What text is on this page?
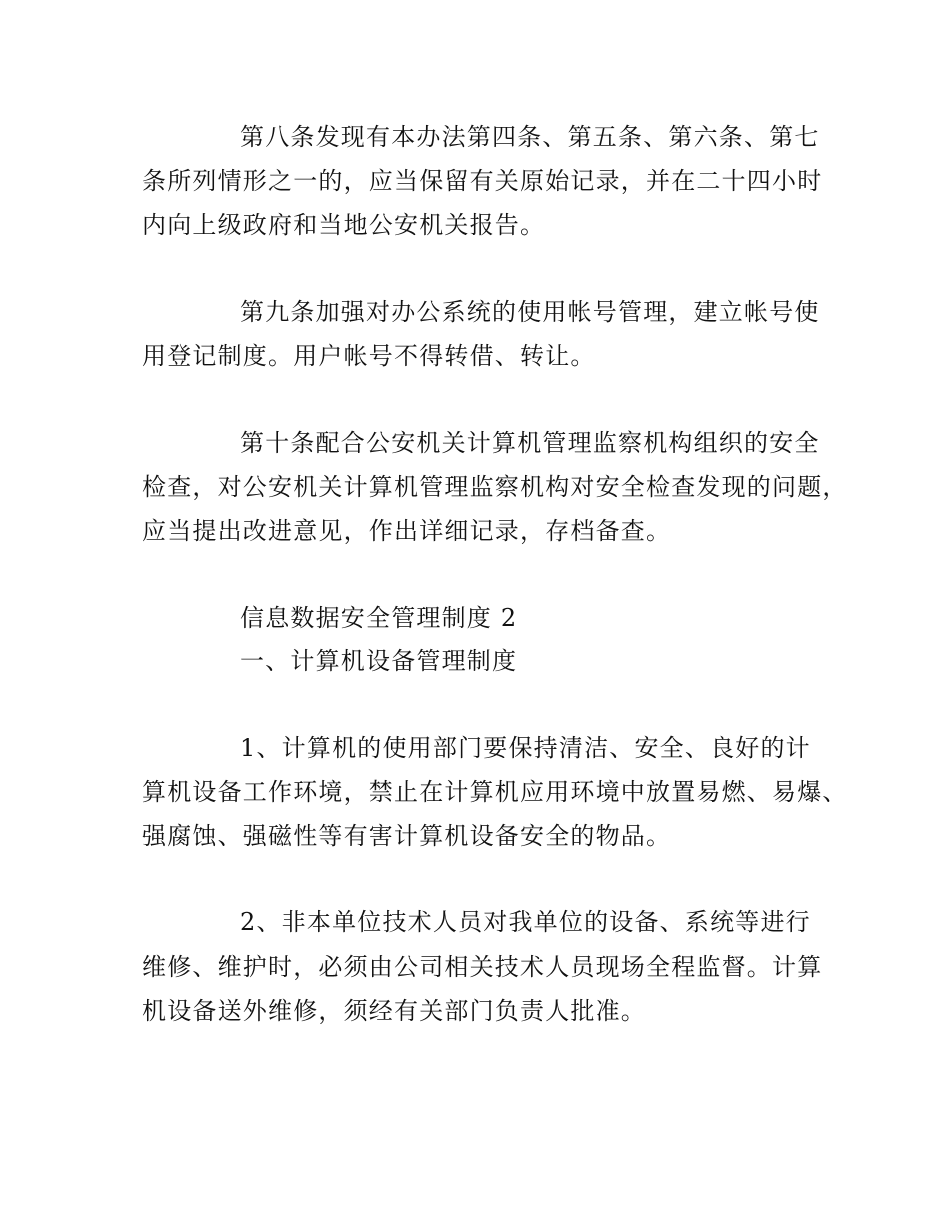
第八条发现有本办法第四条、第五条、第六条、第七
条所列情形之一的，应当保留有关原始记录，并在二十四小时
内向上级政府和当地公安机关报告。
第九条加强对办公系统的使用帐号管理，建立帐号使
用登记制度。用户帐号不得转借、转让。
第十条配合公安机关计算机管理监察机构组织的安全
检查，对公安机关计算机管理监察机构对安全检查发现的问题，
应当提出改进意见，作出详细记录，存档备查。
信息数据安全管理制度 2
一、计算机设备管理制度
1、计算机的使用部门要保持清洁、安全、良好的计
算机设备工作环境，禁止在计算机应用环境中放置易燃、易爆、
强腐蚀、强磁性等有害计算机设备安全的物品。
2、非本单位技术人员对我单位的设备、系统等进行
维修、维护时，必须由公司相关技术人员现场全程监督。计算
机设备送外维修，须经有关部门负责人批准。
